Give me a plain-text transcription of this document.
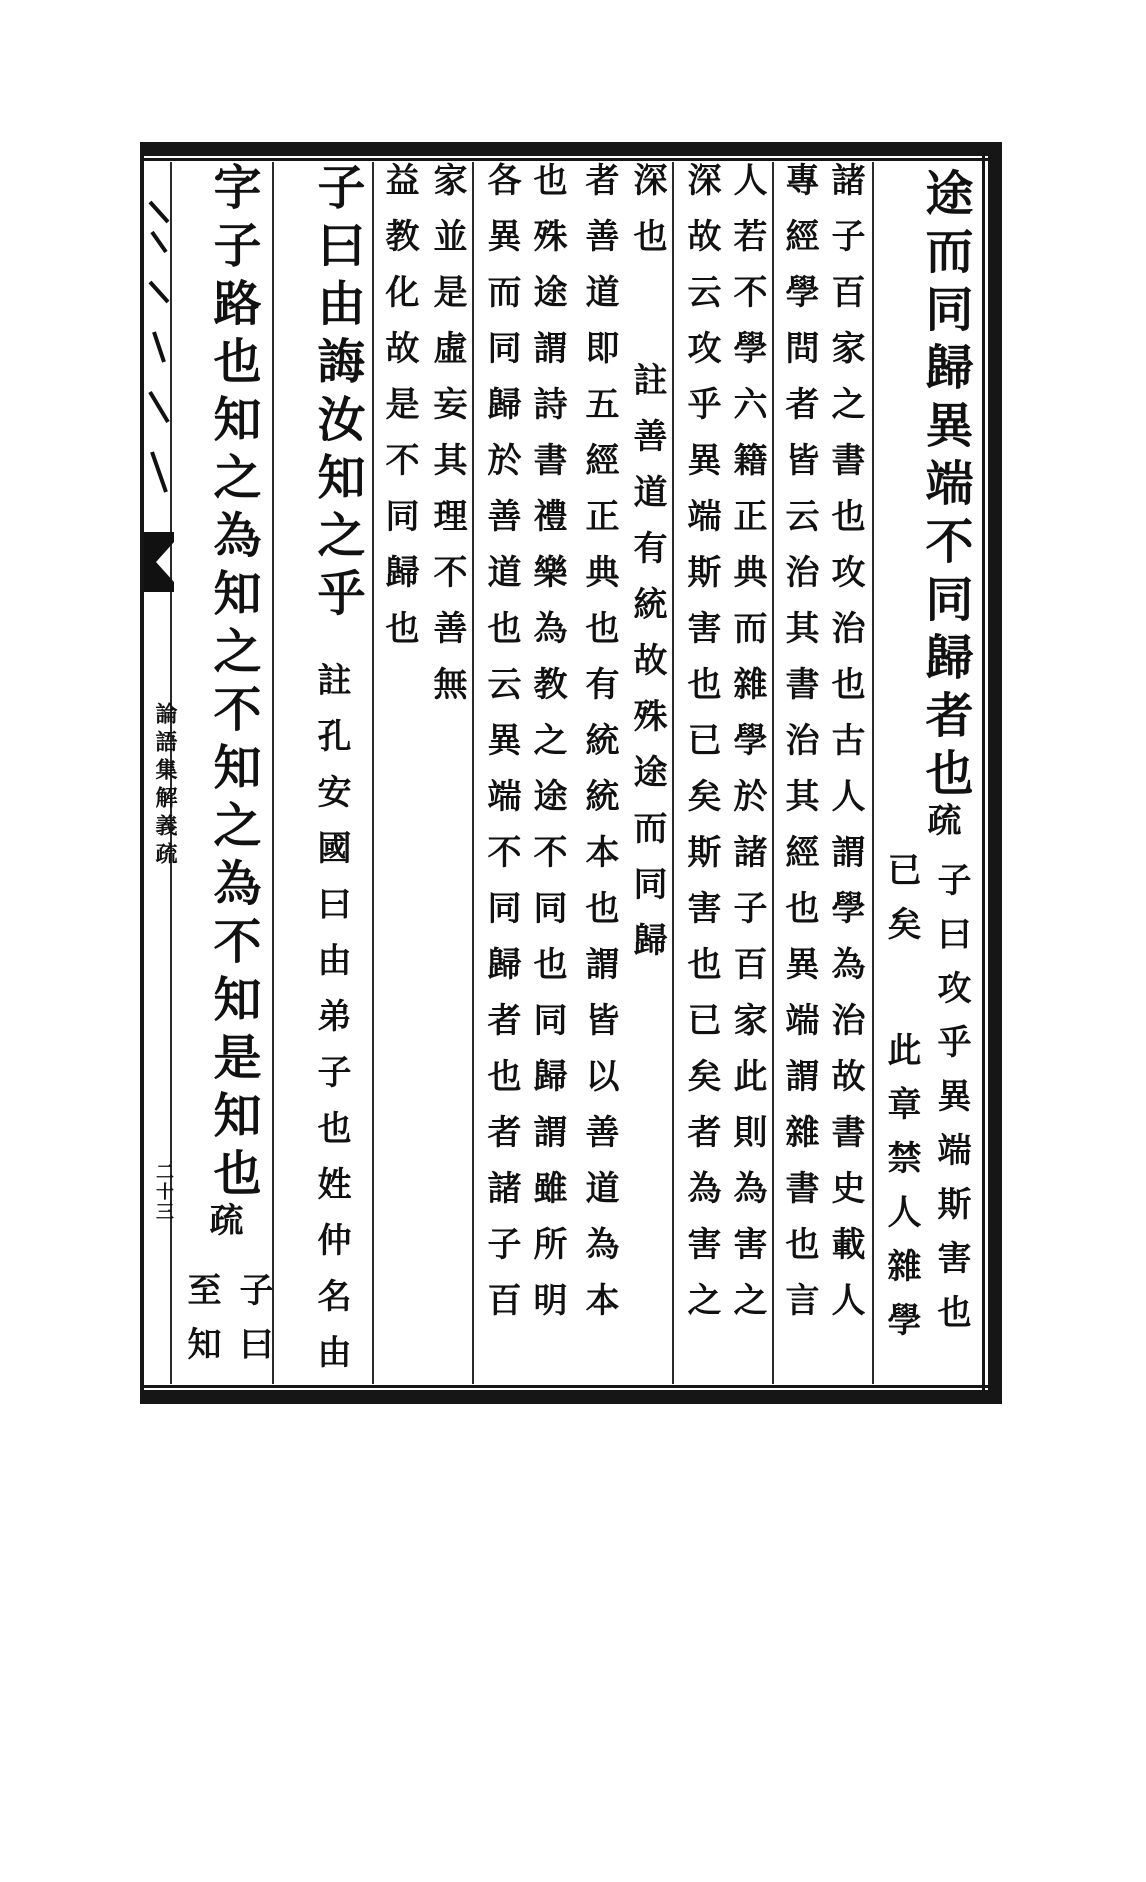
論語集解義疏
二十三
途而同歸異端不同歸者也
疏
子曰攻乎異端斯害也
已矣
此章禁人雜學
諸子百家之書也攻治也古人謂學為治故書史載人
專經學問者皆云治其書治其經也異端謂雜書也言
人若不學六籍正典而雜學於諸子百家此則為害之
深故云攻乎異端斯害也已矣斯害也已矣者為害之
深也
註善道有統故殊途而同歸
者善道即五經正典也有統統本也謂皆以善道為本
也殊途謂詩書禮樂為教之途不同也同歸謂雖所明
各異而同歸於善道也云異端不同歸者也者諸子百
家並是虛妄其理不善無
益教化故是不同歸也
子曰由誨汝知之乎
註孔安國曰由弟子也姓仲名由
字子路也知之為知之不知之為不知是知也
疏
子曰
至知
